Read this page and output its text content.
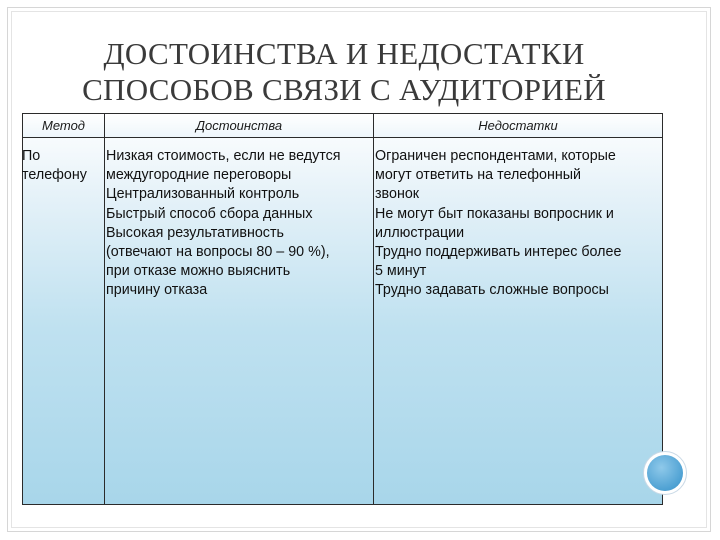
ДОСТОИНСТВА И НЕДОСТАТКИ
СПОСОБОВ СВЯЗИ С АУДИТОРИЕЙ
Метод	Достоинства	Недостатки
По
телефону
Низкая стоимость, если не ведутся
междугородние переговоры
Централизованный контроль
Быстрый способ сбора данных
Высокая результативность
(отвечают на вопросы 80 – 90 %),
при отказе можно выяснить
причину отказа
Ограничен респондентами, которые
могут ответить на телефонный
звонок
Не могут быт показаны вопросник и
иллюстрации
Трудно поддерживать интерес более
5 минут
Трудно задавать сложные вопросы
